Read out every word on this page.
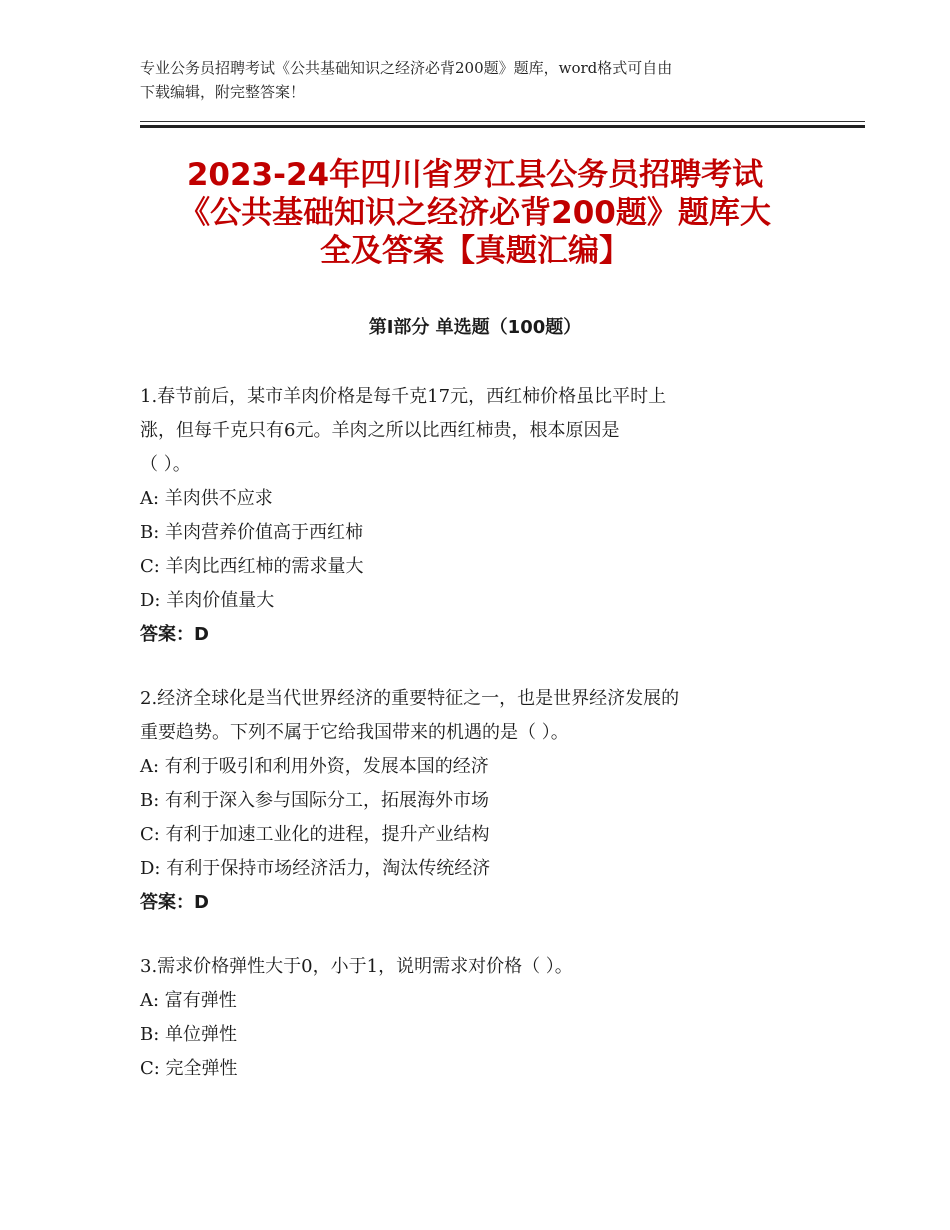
专业公务员招聘考试《公共基础知识之经济必背200题》题库，word格式可自由
下载编辑，附完整答案！
2023-24年四川省罗江县公务员招聘考试
《公共基础知识之经济必背200题》题库大
全及答案【真题汇编】
第Ⅰ部分 单选题（100题）

1.春节前后，某市羊肉价格是每千克17元，西红柿价格虽比平时上

涨，但每千克只有6元。羊肉之所以比西红柿贵，根本原因是

（ ）。

A: 羊肉供不应求

B: 羊肉营养价值高于西红柿

C: 羊肉比西红柿的需求量大

D: 羊肉价值量大

答案：D

2.经济全球化是当代世界经济的重要特征之一，也是世界经济发展的

重要趋势。下列不属于它给我国带来的机遇的是（ ）。

A: 有利于吸引和利用外资，发展本国的经济

B: 有利于深入参与国际分工，拓展海外市场

C: 有利于加速工业化的进程，提升产业结构

D: 有利于保持市场经济活力，淘汰传统经济

答案：D

3.需求价格弹性大于0，小于1，说明需求对价格（ ）。

A: 富有弹性

B: 单位弹性

C: 完全弹性
